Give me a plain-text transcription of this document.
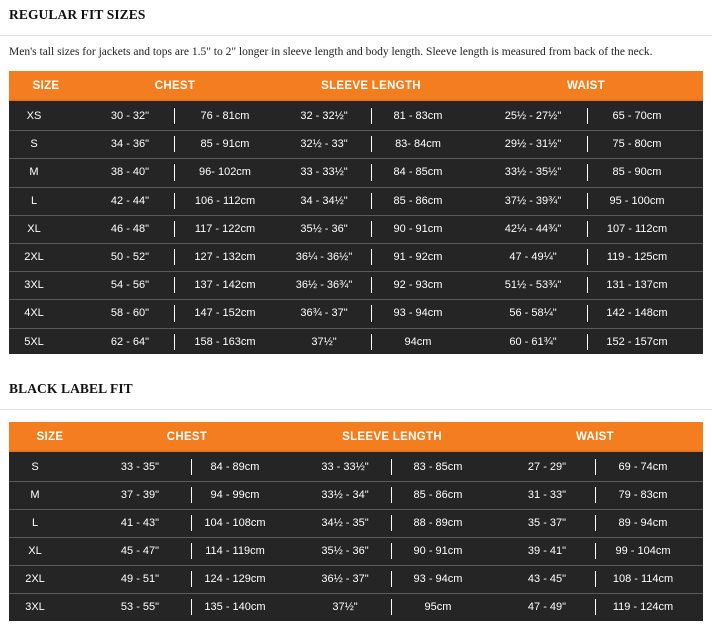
REGULAR FIT SIZES
Men's tall sizes for jackets and tops are 1.5" to 2" longer in sleeve length and body length. Sleeve length is measured from back of the neck.
SIZE	CHEST	SLEEVE LENGTH	WAIST
XS	30 - 32"	76 - 81cm	32 - 32½"	81 - 83cm	25½ - 27½"	65 - 70cm
S	34 - 36"	85 - 91cm	32½ - 33"	83- 84cm	29½ - 31½"	75 - 80cm
M	38 - 40"	96- 102cm	33 - 33½"	84 - 85cm	33½ - 35½"	85 - 90cm
L	42 - 44"	106 - 112cm	34 - 34½"	85 - 86cm	37½ - 39¾"	95 - 100cm
XL	46 - 48"	117 - 122cm	35½ - 36"	90 - 91cm	42¼ - 44¾"	107 - 112cm
2XL	50 - 52"	127 - 132cm	36¼ - 36½"	91 - 92cm	47 - 49¼"	119 - 125cm
3XL	54 - 56"	137 - 142cm	36½ - 36¾"	92 - 93cm	51½ - 53¾"	131 - 137cm
4XL	58 - 60"	147 - 152cm	36¾ - 37"	93 - 94cm	56 - 58¼"	142 - 148cm
5XL	62 - 64"	158 - 163cm	37½"	94cm	60 - 61¾"	152 - 157cm
BLACK LABEL FIT
SIZE	CHEST	SLEEVE LENGTH	WAIST
S	33 - 35"	84 - 89cm	33 - 33½"	83 - 85cm	27 - 29"	69 - 74cm
M	37 - 39"	94 - 99cm	33½ - 34"	85 - 86cm	31 - 33"	79 - 83cm
L	41 - 43"	104 - 108cm	34½ - 35"	88 - 89cm	35 - 37"	89 - 94cm
XL	45 - 47"	114 - 119cm	35½ - 36"	90 - 91cm	39 - 41"	99 - 104cm
2XL	49 - 51"	124 - 129cm	36½ - 37"	93 - 94cm	43 - 45"	108 - 114cm
3XL	53 - 55"	135 - 140cm	37½"	95cm	47 - 49"	119 - 124cm
